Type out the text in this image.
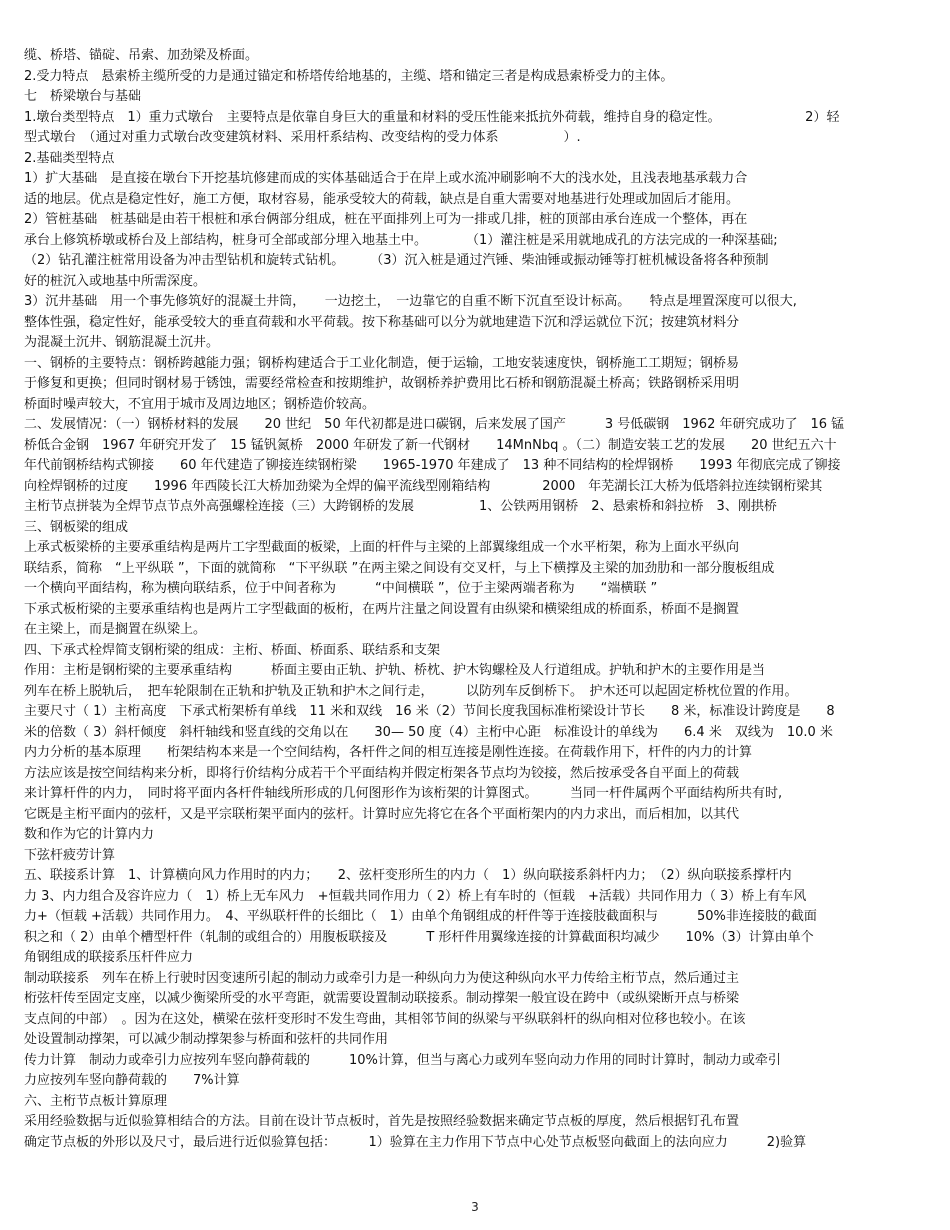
缆、桥塔、锚碇、吊索、加劲梁及桥面。
2.受力特点　悬索桥主缆所受的力是通过锚定和桥塔传给地基的，主缆、塔和锚定三者是构成悬索桥受力的主体。
七　桥梁墩台与基础
1.墩台类型特点　1）重力式墩台　主要特点是依靠自身巨大的重量和材料的受压性能来抵抗外荷载，维持自身的稳定性。　　　　　　　2）轻
型式墩台　（通过对重力式墩台改变建筑材料、采用杆系结构、改变结构的受力体系　　　　　）.
2.基础类型特点
1）扩大基础　是直接在墩台下开挖基坑修建而成的实体基础适合于在岸上或水流冲刷影响不大的浅水处，且浅表地基承载力合
适的地层。优点是稳定性好，施工方便，取材容易，能承受较大的荷载，缺点是自重大需要对地基进行处理或加固后才能用。
2）管桩基础　桩基础是由若干根桩和承台俩部分组成，桩在平面排列上可为一排或几排，桩的顶部由承台连成一个整体，再在
承台上修筑桥墩或桥台及上部结构，桩身可全部或部分埋入地基土中。　　　　（1）灌注桩是采用就地成孔的方法完成的一种深基础;
（2）钻孔灌注桩常用设备为冲击型钻机和旋转式钻机。　　　（3）沉入桩是通过汽锤、柴油锤或振动锤等打桩机械设备将各种预制
好的桩沉入或地基中所需深度。
3）沉井基础　用一个事先修筑好的混凝土井筒，　　一边挖土，　一边靠它的自重不断下沉直至设计标高。　　特点是埋置深度可以很大,
整体性强，稳定性好，能承受较大的垂直荷载和水平荷载。按下称基础可以分为就地建造下沉和浮运就位下沉；按建筑材料分
为混凝土沉井、钢筋混凝土沉井。
一、钢桥的主要特点：钢桥跨越能力强；钢桥构建适合于工业化制造，便于运输，工地安装速度快，钢桥施工工期短；钢桥易
于修复和更换；但同时钢材易于锈蚀，需要经常检查和按期维护，故钢桥养护费用比石桥和钢筋混凝土桥高；铁路钢桥采用明
桥面时噪声较大，不宜用于城市及周边地区；钢桥造价较高。
二、发展情况：（一）钢桥材料的发展　　20 世纪　50 年代初都是进口碳钢，后来发展了国产　　　3 号低碳钢　1962 年研究成功了　16 锰
桥低合金钢　1967 年研究开发了　15 锰钒氮桥　2000 年研发了新一代钢材　　14MnNbq 。（二）制造安装工艺的发展　　20 世纪五六十
年代前钢桥结构式铆接　　60 年代建造了铆接连续钢桁梁　　1965-1970 年建成了　13 种不同结构的栓焊钢桥　　1993 年彻底完成了铆接
向栓焊钢桥的过度　　1996 年西陵长江大桥加劲梁为全焊的偏平流线型刚箱结构　　　　2000　年芜湖长江大桥为低塔斜拉连续钢桁梁其
主桁节点拼装为全焊节点节点外高强螺栓连接（三）大跨钢桥的发展　　　　　1、公铁两用钢桥　2、悬索桥和斜拉桥　3、刚拱桥
三、钢板梁的组成
上承式板梁桥的主要承重结构是两片工字型截面的板梁，上面的杆件与主梁的上部翼缘组成一个水平桁架，称为上面水平纵向
联结系，简称　“上平纵联 ”，下面的就简称　“下平纵联 ”在两主梁之间设有交叉杆，与上下横撑及主梁的加劲肋和一部分腹板组成
一个横向平面结构，称为横向联结系，位于中间者称为　　　“中间横联 ”，位于主梁两端者称为　　“端横联 ”
下承式板桁梁的主要承重结构也是两片工字型截面的板桁，在两片注量之间设置有由纵梁和横梁组成的桥面系，桥面不是搁置
在主梁上，而是搁置在纵梁上。
四、下承式栓焊简支钢桁梁的组成：主桁、桥面、桥面系、联结系和支架
作用：主桁是钢桁梁的主要承重结构　　　桥面主要由正轨、护轨、桥枕、护木钩螺栓及人行道组成。护轨和护木的主要作用是当
列车在桥上脱轨后，　把车轮限制在正轨和护轨及正轨和护木之间行走，　　　以防列车反倒桥下。　护木还可以起固定桥枕位置的作用。
主要尺寸（ 1）主桁高度　下承式桁架桥有单线　11 米和双线　16 米（2）节间长度我国标准桁梁设计节长　　8 米，标准设计跨度是　　8
米的倍数（ 3）斜杆倾度　斜杆轴线和竖直线的交角以在　　30— 50 度（4）主桁中心距　标准设计的单线为　　6.4 米　双线为　10.0 米
内力分析的基本原理　　桁架结构本来是一个空间结构，各杆件之间的相互连接是刚性连接。在荷载作用下，杆件的内力的计算
方法应该是按空间结构来分析，即将行价结构分成若干个平面结构并假定桁架各节点均为铰接，然后按承受各自平面上的荷载
来计算杆件的内力，　同时将平面内各杆件轴线所形成的几何图形作为该桁架的计算图式。　　　当同一杆件属两个平面结构所共有时,
它既是主桁平面内的弦杆，又是平宗联桁架平面内的弦杆。计算时应先将它在各个平面桁架内的内力求出，而后相加，以其代
数和作为它的计算内力
下弦杆疲劳计算
五、联接系计算　1、计算横向风力作用时的内力；　　2、弦杆变形所生的内力（　1）纵向联接系斜杆内力；　（2）纵向联接系撑杆内
力 3、内力组合及容许应力（　1）桥上无车风力　+恒载共同作用力（ 2）桥上有车时的（恒载　+活载）共同作用力（ 3）桥上有车风
力+（恒载 +活载）共同作用力。　4、平纵联杆件的长细比（　1）由单个角钢组成的杆件等于连接肢截面积与　　　50%非连接肢的截面
积之和（ 2）由单个槽型杆件（轧制的或组合的）用腹板联接及　　　T 形杆件用翼缘连接的计算截面积均减少　　10%（3）计算由单个
角钢组成的联接系压杆件应力
制动联接系　列车在桥上行驶时因变速所引起的制动力或牵引力是一种纵向力为使这种纵向水平力传给主桁节点，然后通过主
桁弦杆传至固定支座，以减少衡梁所受的水平弯距，就需要设置制动联接系。制动撑架一般宜设在跨中（或纵梁断开点与桥梁
支点间的中部）　。因为在这处，横梁在弦杆变形时不发生弯曲，其相邻节间的纵梁与平纵联斜杆的纵向相对位移也较小。在该
处设置制动撑架，可以减少制动撑架参与桥面和弦杆的共同作用
传力计算　制动力或牵引力应按列车竖向静荷载的　　　10%计算，但当与离心力或列车竖向动力作用的同时计算时，制动力或牵引
力应按列车竖向静荷载的　　7%计算
六、主桁节点板计算原理
采用经验数据与近似验算相结合的方法。目前在设计节点板时，首先是按照经验数据来确定节点板的厚度，然后根据钉孔布置
确定节点板的外形以及尺寸，最后进行近似验算包括：　　　1）验算在主力作用下节点中心处节点板竖向截面上的法向应力　　　2)验算
3
